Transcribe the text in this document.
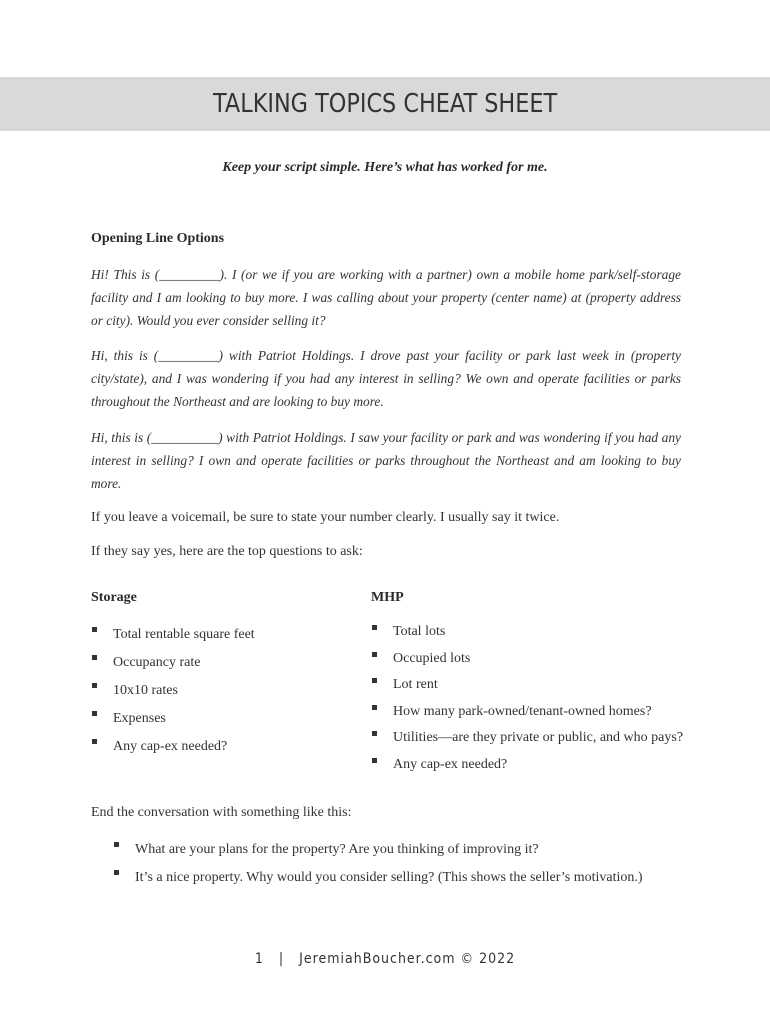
TALKING TOPICS CHEAT SHEET
Keep your script simple. Here’s what has worked for me.
Opening Line Options

Hi! This is (_________). I (or we if you are working with a partner) own a mobile home park/self-storage facility and I am looking to buy more. I was calling about your property (center name) at (property address or city). Would you ever consider selling it?

Hi, this is (_________) with Patriot Holdings. I drove past your facility or park last week in (property city/state), and I was wondering if you had any interest in selling? We own and operate facilities or parks throughout the Northeast and are looking to buy more.

Hi, this is (__________) with Patriot Holdings. I saw your facility or park and was wondering if you had any interest in selling? I own and operate facilities or parks throughout the Northeast and am looking to buy more.

If you leave a voicemail, be sure to state your number clearly. I usually say it twice.
If they say yes, here are the top questions to ask:
Storage
Total rentable square feet
Occupancy rate
10x10 rates
Expenses
Any cap-ex needed?
MHP
Total lots
Occupied lots
Lot rent
How many park-owned/tenant-owned homes?
Utilities—are they private or public, and who pays?
Any cap-ex needed?
End the conversation with something like this:
What are your plans for the property? Are you thinking of improving it?
It’s a nice property. Why would you consider selling? (This shows the seller’s motivation.)
1 | JeremiahBoucher.com © 2022
